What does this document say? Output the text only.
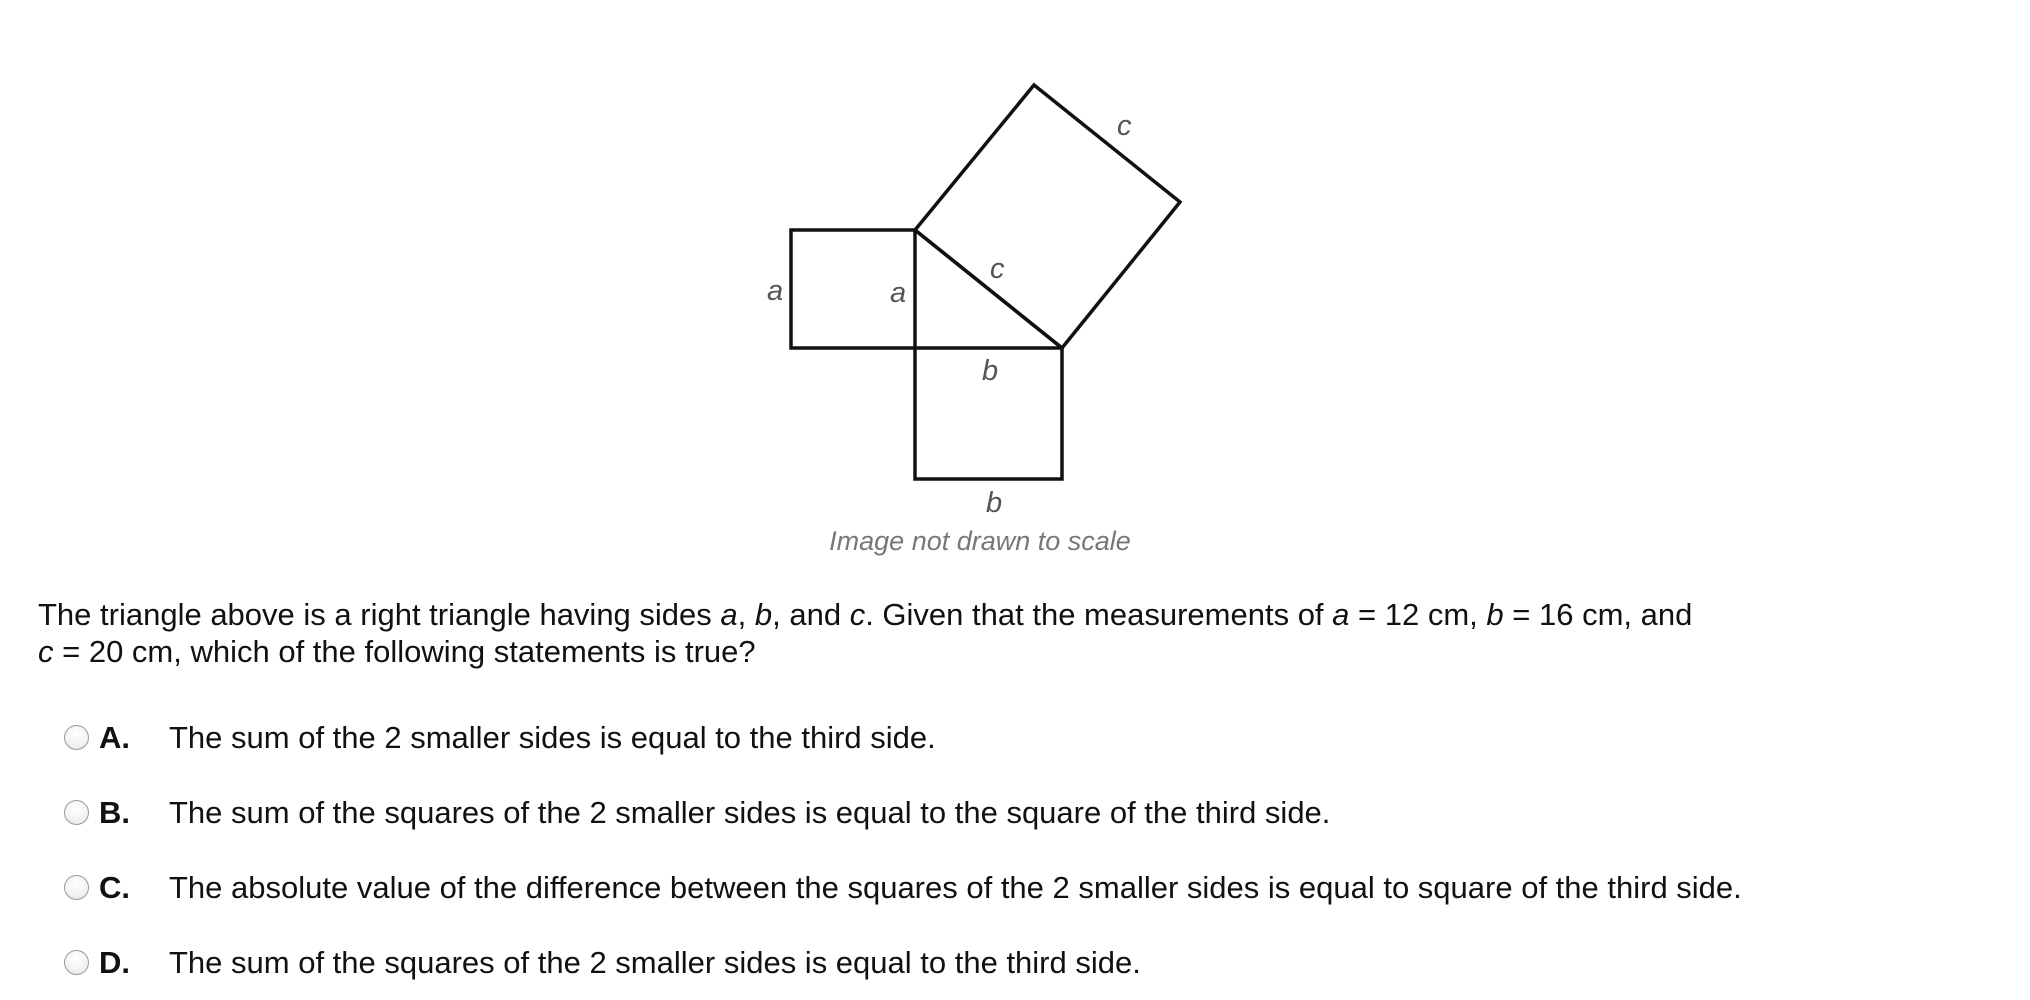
c
c
a	a
b
b
Image not drawn to scale
The triangle above is a right triangle having sides a, b, and c. Given that the measurements of a = 12 cm, b = 16 cm, and
c = 20 cm, which of the following statements is true?
A.	The sum of the 2 smaller sides is equal to the third side.
B.	The sum of the squares of the 2 smaller sides is equal to the square of the third side.
C.	The absolute value of the difference between the squares of the 2 smaller sides is equal to square of the third side.
D.	The sum of the squares of the 2 smaller sides is equal to the third side.
